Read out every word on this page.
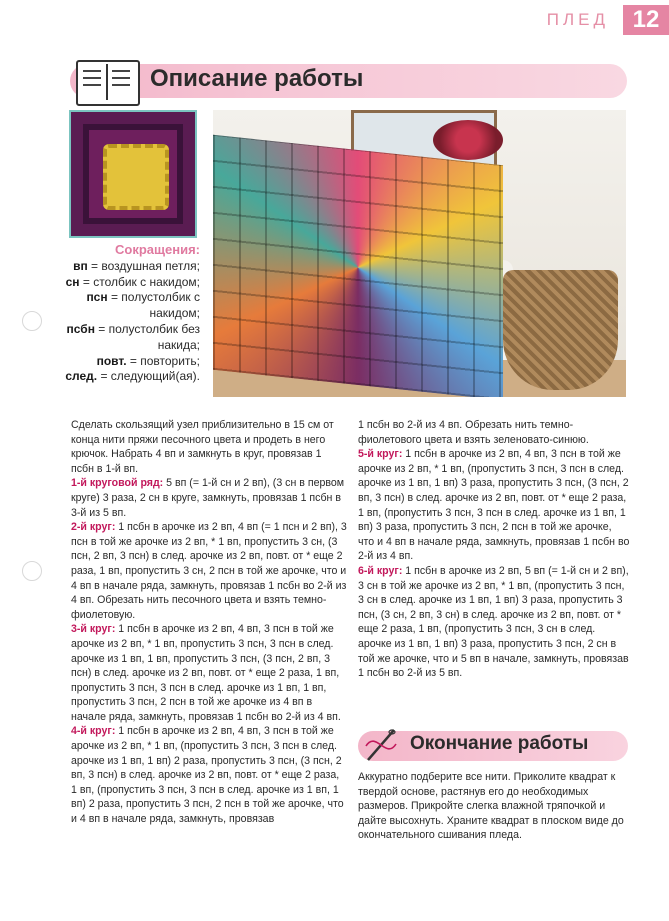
ПЛЕД 12
Описание работы
Сокращения:
вп = воздушная петля;
сн = столбик с накидом;
псн = полустолбик с накидом;
псбн = полустолбик без накида;
повт. = повторить;
след. = следующий(ая).

Сделать скользящий узел приблизительно в 15 см от конца нити пряжи песочного цвета и продеть в него крючок. Набрать 4 вп и замкнуть в круг, провязав 1 псбн в 1-й вп.

1-й круговой ряд: 5 вп (= 1-й сн и 2 вп), (3 сн в первом круге) 3 раза, 2 сн в круге, замкнуть, провязав 1 псбн в 3-й из 5 вп.

2-й круг: 1 псбн в арочке из 2 вп, 4 вп (= 1 псн и 2 вп), 3 псн в той же арочке из 2 вп, * 1 вп, пропустить 3 сн, (3 псн, 2 вп, 3 псн) в след. арочке из 2 вп, повт. от * еще 2 раза, 1 вп, пропустить 3 сн, 2 псн в той же арочке, что и 4 вп в начале ряда, замкнуть, провязав 1 псбн во 2-й из 4 вп. Обрезать нить песочного цвета и взять темно-фиолетовую.

3-й круг: 1 псбн в арочке из 2 вп, 4 вп, 3 псн в той же арочке из 2 вп, * 1 вп, пропустить 3 псн, 3 псн в след. арочке из 1 вп, 1 вп, пропустить 3 псн, (3 псн, 2 вп, 3 псн) в след. арочке из 2 вп, повт. от * еще 2 раза, 1 вп, пропустить 3 псн, 3 псн в след. арочке из 1 вп, 1 вп, пропустить 3 псн, 2 псн в той же арочке из 4 вп в начале ряда, замкнуть, провязав 1 псбн во 2-й из 4 вп.

4-й круг: 1 псбн в арочке из 2 вп, 4 вп, 3 псн в той же арочке из 2 вп, * 1 вп, (пропустить 3 псн, 3 псн в след. арочке из 1 вп, 1 вп) 2 раза, пропустить 3 псн, (3 псн, 2 вп, 3 псн) в след. арочке из 2 вп, повт. от * еще 2 раза, 1 вп, (пропустить 3 псн, 3 псн в след. арочке из 1 вп, 1 вп) 2 раза, пропустить 3 псн, 2 псн в той же арочке, что и 4 вп в начале ряда, замкнуть, провязав

1 псбн во 2-й из 4 вп. Обрезать нить темно-фиолетового цвета и взять зеленовато-синюю.

5-й круг: 1 псбн в арочке из 2 вп, 4 вп, 3 псн в той же арочке из 2 вп, * 1 вп, (пропустить 3 псн, 3 псн в след. арочке из 1 вп, 1 вп) 3 раза, пропустить 3 псн, (3 псн, 2 вп, 3 псн) в след. арочке из 2 вп, повт. от * еще 2 раза, 1 вп, (пропустить 3 псн, 3 псн в след. арочке из 1 вп, 1 вп) 3 раза, пропустить 3 псн, 2 псн в той же арочке, что и 4 вп в начале ряда, замкнуть, провязав 1 псбн во 2-й из 4 вп.

6-й круг: 1 псбн в арочке из 2 вп, 5 вп (= 1-й сн и 2 вп), 3 сн в той же арочке из 2 вп, * 1 вп, (пропустить 3 псн, 3 сн в след. арочке из 1 вп, 1 вп) 3 раза, пропустить 3 псн, (3 сн, 2 вп, 3 сн) в след. арочке из 2 вп, повт. от * еще 2 раза, 1 вп, (пропустить 3 псн, 3 сн в след. арочке из 1 вп, 1 вп) 3 раза, пропустить 3 псн, 2 сн в той же арочке, что и 5 вп в начале, замкнуть, провязав 1 псбн во 2-й из 5 вп.

Окончание работы
Аккуратно подберите все нити. Приколите квадрат к твердой основе, растянув его до необходимых размеров. Прикройте слегка влажной тряпочкой и дайте высохнуть. Храните квадрат в плоском виде до окончательного сшивания пледа.
